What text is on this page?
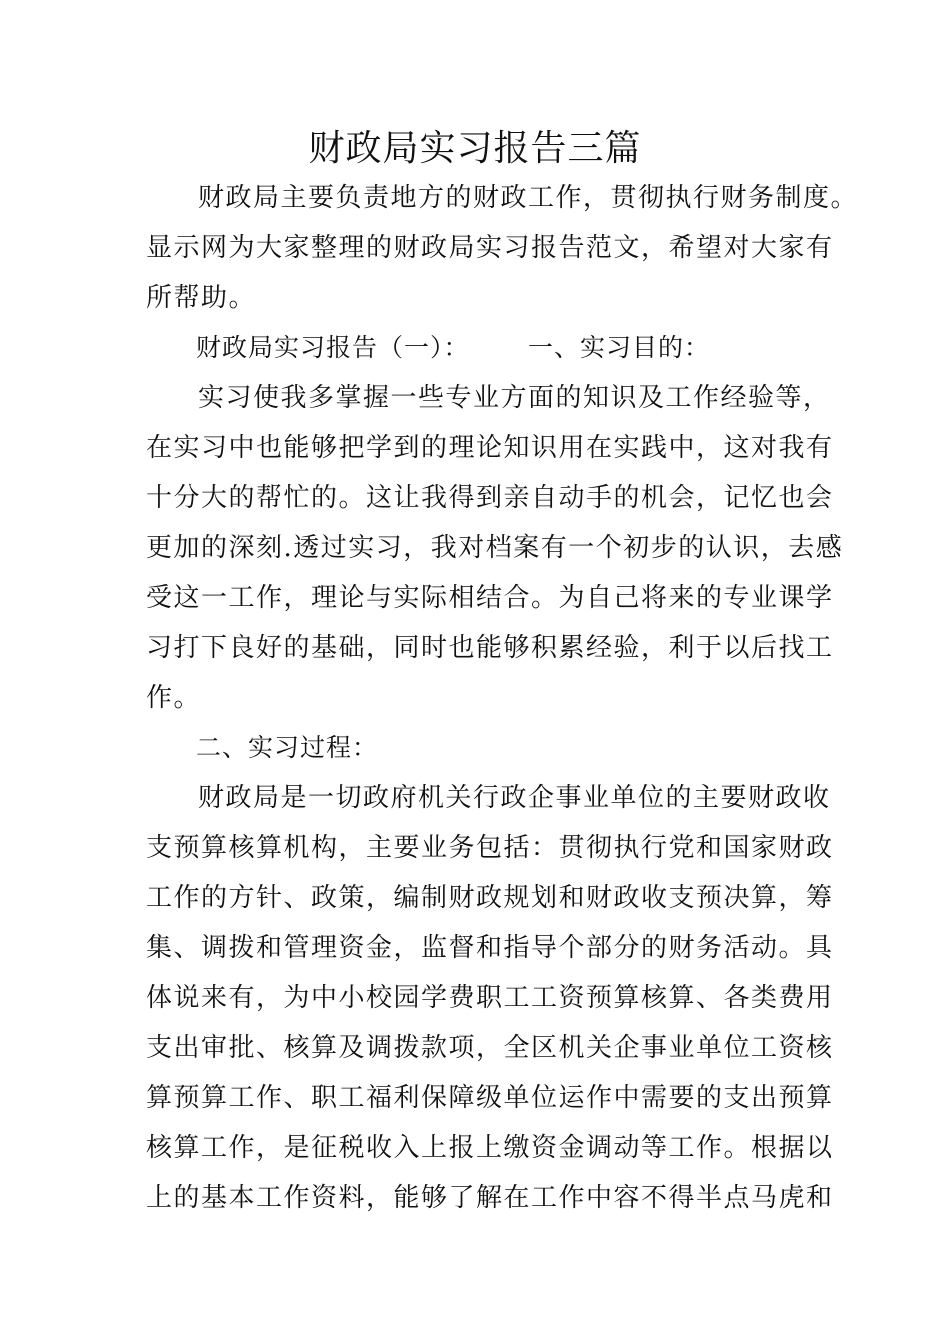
财政局实习报告三篇
财政局主要负责地方的财政工作，贯彻执行财务制度。
显示网为大家整理的财政局实习报告范文，希望对大家有
所帮助。
财政局实习报告（一）： 一、实习目的：
实习使我多掌握一些专业方面的知识及工作经验等，
在实习中也能够把学到的理论知识用在实践中，这对我有
十分大的帮忙的。这让我得到亲自动手的机会，记忆也会
更加的深刻.透过实习，我对档案有一个初步的认识，去感
受这一工作，理论与实际相结合。为自己将来的专业课学
习打下良好的基础，同时也能够积累经验，利于以后找工
作。
二、实习过程：
财政局是一切政府机关行政企事业单位的主要财政收
支预算核算机构，主要业务包括：贯彻执行党和国家财政
工作的方针、政策，编制财政规划和财政收支预决算，筹
集、调拨和管理资金，监督和指导个部分的财务活动。具
体说来有，为中小校园学费职工工资预算核算、各类费用
支出审批、核算及调拨款项，全区机关企事业单位工资核
算预算工作、职工福利保障级单位运作中需要的支出预算
核算工作，是征税收入上报上缴资金调动等工作。根据以
上的基本工作资料，能够了解在工作中容不得半点马虎和
